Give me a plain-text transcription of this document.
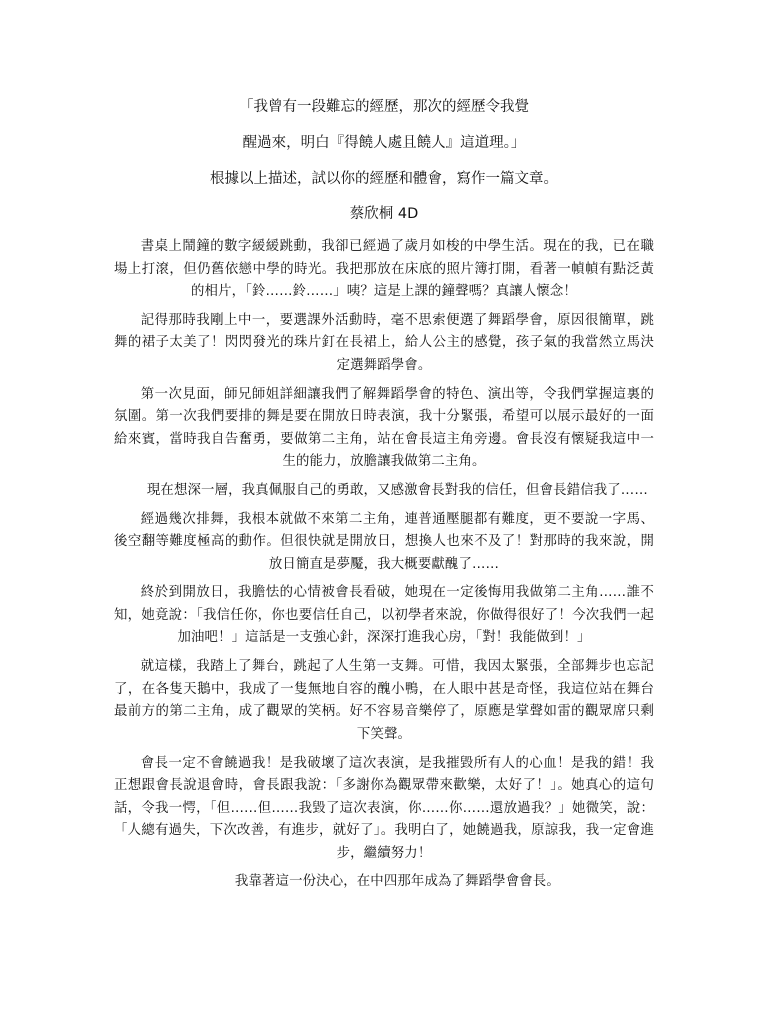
「我曾有一段難忘的經歷，那次的經歷令我覺
醒過來，明白『得饒人處且饒人』這道理。」
根據以上描述，試以你的經歷和體會，寫作一篇文章。
蔡欣桐 4D

書桌上鬧鐘的數字緩緩跳動，我卻已經過了歲月如梭的中學生活。現在的我，已在職場上打滾，但仍舊依戀中學的時光。我把那放在床底的照片簿打開，看著一幀幀有點泛黃的相片，「鈴……鈴……」咦？這是上課的鐘聲嗎？真讓人懷念！

記得那時我剛上中一，要選課外活動時，毫不思索便選了舞蹈學會，原因很簡單，跳舞的裙子太美了！閃閃發光的珠片釘在長裙上，給人公主的感覺，孩子氣的我當然立馬決定選舞蹈學會。

第一次見面，師兄師姐詳細讓我們了解舞蹈學會的特色、演出等，令我們掌握這裏的氛圍。第一次我們要排的舞是要在開放日時表演，我十分緊張，希望可以展示最好的一面給來賓，當時我自告奮勇，要做第二主角，站在會長這主角旁邊。會長沒有懷疑我這中一生的能力，放膽讓我做第二主角。

現在想深一層，我真佩服自己的勇敢，又感激會長對我的信任，但會長錯信我了……

經過幾次排舞，我根本就做不來第二主角，連普通壓腿都有難度，更不要說一字馬、後空翻等難度極高的動作。但很快就是開放日，想換人也來不及了！對那時的我來說，開放日簡直是夢魘，我大概要獻醜了……

終於到開放日，我膽怯的心情被會長看破，她現在一定後悔用我做第二主角……誰不知，她竟說：「我信任你，你也要信任自己，以初學者來說，你做得很好了！今次我們一起加油吧！」這話是一支強心針，深深打進我心房，「對！我能做到！」

就這樣，我踏上了舞台，跳起了人生第一支舞。可惜，我因太緊張，全部舞步也忘記了，在各隻天鵝中，我成了一隻無地自容的醜小鴨，在人眼中甚是奇怪，我這位站在舞台最前方的第二主角，成了觀眾的笑柄。好不容易音樂停了，原應是掌聲如雷的觀眾席只剩下笑聲。

會長一定不會饒過我！是我破壞了這次表演，是我摧毀所有人的心血！是我的錯！我正想跟會長說退會時，會長跟我說：「多謝你為觀眾帶來歡樂，太好了！」。她真心的這句話，令我一愕，「但……但……我毀了這次表演，你……你……還放過我？」她微笑，說：「人總有過失，下次改善，有進步，就好了」。我明白了，她饒過我，原諒我，我一定會進步，繼續努力！

我靠著這一份決心，在中四那年成為了舞蹈學會會長。
